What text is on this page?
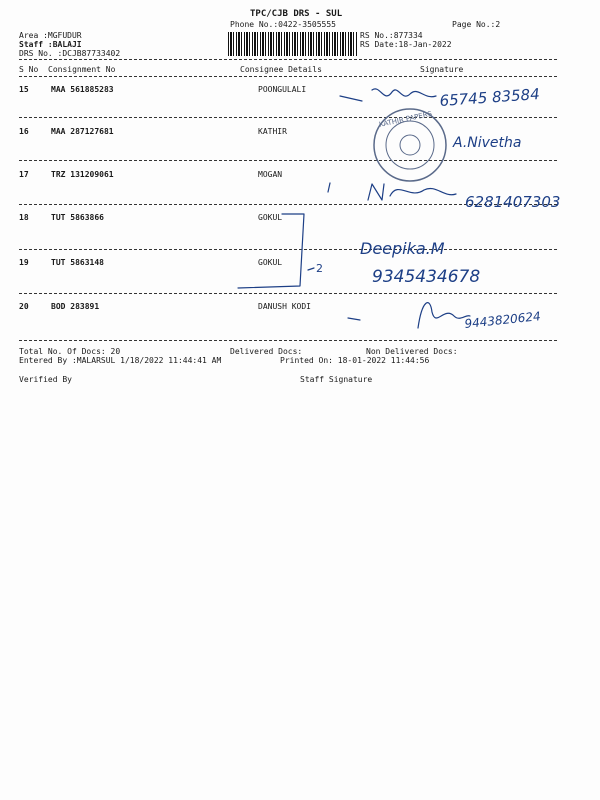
TPC/CJB DRS - SUL
Phone No.:0422-3505555	Page No.:2
Area :MGFUDUR
Staff :BALAJI
DRS No. :DCJB87733402
RS No.:877334
RS Date:18-Jan-2022
S No Consignment No	Consignee Details	Signature
15	MAA 561885283	POONGULALI
16	MAA 287127681	KATHIR
17	TRZ 131209061	MOGAN
18	TUT 5863866	GOKUL
19	TUT 5863148	GOKUL
20	BOD 283891	DANUSH KODI
65745 83584
KATHIR PAPERS
A.Nivetha
6281407303
2
Deepika.M
9345434678
9443820624
Total No. Of Docs: 20	Delivered Docs:	Non Delivered Docs:
Entered By :MALARSUL 1/18/2022 11:44:41 AM	Printed On: 18-01-2022 11:44:56
Verified By	Staff Signature
